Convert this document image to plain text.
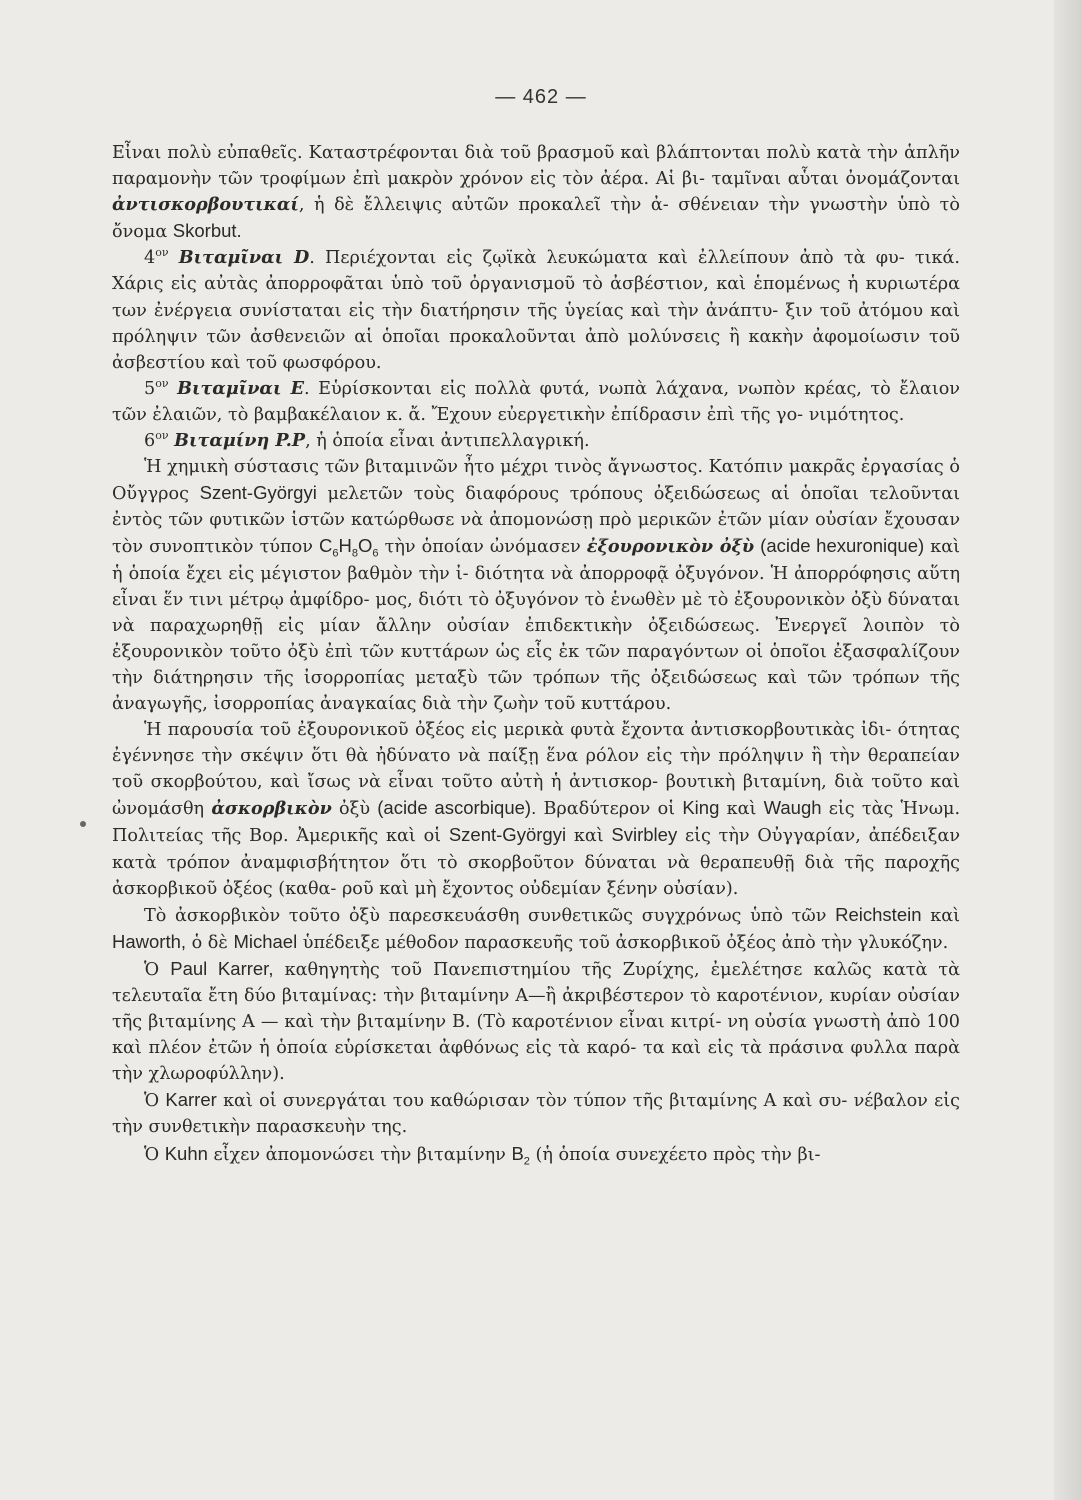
— 462 —

Εἶναι πολὺ εὐπαθεῖς. Καταστρέφονται διὰ τοῦ βρασμοῦ καὶ βλάπτονται πολὺ κατὰ τὴν ἁπλῆν παραμονὴν τῶν τροφίμων ἐπὶ μακρὸν χρόνον εἰς τὸν ἀέρα. Αἱ βι- ταμῖναι αὗται ὀνομάζονται ἀντισκορβουτικαί, ἡ δὲ ἔλλειψις αὐτῶν προκαλεῖ τὴν ἀ- σθένειαν τὴν γνωστὴν ὑπὸ τὸ ὄνομα Skorbut.

$4^{o\nu}$ Βιταμῖναι D. Περιέχονται εἰς ζῳϊκὰ λευκώματα καὶ ἐλλείπουν ἀπὸ τὰ φυ- τικά. Χάρις εἰς αὐτὰς ἀπορροφᾶται ὑπὸ τοῦ ὀργανισμοῦ τὸ ἀσβέστιον, καὶ ἑπομένως ἡ κυριωτέρα των ἐνέργεια συνίσταται εἰς τὴν διατήρησιν τῆς ὑγείας καὶ τὴν ἀνάπτυ- ξιν τοῦ ἀτόμου καὶ πρόληψιν τῶν ἀσθενειῶν αἱ ὁποῖαι προκαλοῦνται ἀπὸ μολύνσεις ἢ κακὴν ἀφομοίωσιν τοῦ ἀσβεστίου καὶ τοῦ φωσφόρου.

$5^{o\nu}$ Βιταμῖναι Ε. Εὑρίσκονται εἰς πολλὰ φυτά, νωπὰ λάχανα, νωπὸν κρέας, τὸ ἔλαιον τῶν ἐλαιῶν, τὸ βαμβακέλαιον κ. ἄ. Ἔχουν εὐεργετικὴν ἐπίδρασιν ἐπὶ τῆς γο- νιμότητος.

$6^{o\nu}$ Βιταμίνη P.P, ἡ ὁποία εἶναι ἀντιπελλαγρική.

Ἡ χημικὴ σύστασις τῶν βιταμινῶν ἦτο μέχρι τινὸς ἄγνωστος. Κατόπιν μακρᾶς ἐργασίας ὁ Οὔγγρος Szent-Györgyi μελετῶν τοὺς διαφόρους τρόπους ὀξειδώσεως αἱ ὁποῖαι τελοῦνται ἐντὸς τῶν φυτικῶν ἱστῶν κατώρθωσε νὰ ἀπομονώσῃ πρὸ μερικῶν ἐτῶν μίαν οὐσίαν ἔχουσαν τὸν συνοπτικὸν τύπον $C_6H_8O_6$ τὴν ὁποίαν ὠνόμασεν ἐξουρονικὸν ὀξὺ (acide hexuronique) καὶ ἡ ὁποία ἔχει εἰς μέγιστον βαθμὸν τὴν ἰ- διότητα νὰ ἀπορροφᾷ ὀξυγόνον. Ἡ ἀπορρόφησις αὕτη εἶναι ἕν τινι μέτρῳ ἀμφίδρο- μος, διότι τὸ ὀξυγόνον τὸ ἑνωθὲν μὲ τὸ ἐξουρονικὸν ὀξὺ δύναται νὰ παραχωρηθῇ εἰς μίαν ἄλλην οὐσίαν ἐπιδεκτικὴν ὀξειδώσεως. Ἐνεργεῖ λοιπὸν τὸ ἐξουρονικὸν τοῦτο ὀξὺ ἐπὶ τῶν κυττάρων ὡς εἷς ἐκ τῶν παραγόντων οἱ ὁποῖοι ἐξασφαλίζουν τὴν διάτηρησιν τῆς ἰσορροπίας μεταξὺ τῶν τρόπων τῆς ὀξειδώσεως καὶ τῶν τρόπων τῆς ἀναγωγῆς, ἰσορροπίας ἀναγκαίας διὰ τὴν ζωὴν τοῦ κυττάρου.

Ἡ παρουσία τοῦ ἐξουρονικοῦ ὀξέος εἰς μερικὰ φυτὰ ἔχοντα ἀντισκορβουτικὰς ἰδι- ότητας ἐγέννησε τὴν σκέψιν ὅτι θὰ ἠδύνατο νὰ παίξῃ ἕνα ρόλον εἰς τὴν πρόληψιν ἢ τὴν θεραπείαν τοῦ σκορβούτου, καὶ ἴσως νὰ εἶναι τοῦτο αὐτὴ ἡ ἀντισκορ- βουτικὴ βιταμίνη, διὰ τοῦτο καὶ ὠνομάσθη ἀσκορβικὸν ὀξὺ (acide ascorbique). Βραδύτερον οἱ King καὶ Waugh εἰς τὰς Ἡνωμ. Πολιτείας τῆς Βορ. Ἀμερικῆς καὶ οἱ Szent-Györgyi καὶ Svirbley εἰς τὴν Οὐγγαρίαν, ἀπέδειξαν κατὰ τρόπον ἀναμφισβήτητον ὅτι τὸ σκορβοῦτον δύναται νὰ θεραπευθῇ διὰ τῆς παροχῆς ἀσκορβικοῦ ὀξέος (καθα- ροῦ καὶ μὴ ἔχοντος οὐδεμίαν ξένην οὐσίαν).

Τὸ ἀσκορβικὸν τοῦτο ὀξὺ παρεσκευάσθη συνθετικῶς συγχρόνως ὑπὸ τῶν Reichstein καὶ Haworth, ὁ δὲ Michael ὑπέδειξε μέθοδον παρασκευῆς τοῦ ἀσκορβικοῦ ὀξέος ἀπὸ τὴν γλυκόζην.

Ὁ Paul Karrer, καθηγητὴς τοῦ Πανεπιστημίου τῆς Ζυρίχης, ἐμελέτησε καλῶς κατὰ τὰ τελευταῖα ἔτη δύο βιταμίνας: τὴν βιταμίνην Α—ἢ ἀκριβέστερον τὸ καροτένιον, κυρίαν οὐσίαν τῆς βιταμίνης Α — καὶ τὴν βιταμίνην Β. (Τὸ καροτένιον εἶναι κιτρί- νη οὐσία γνωστὴ ἀπὸ 100 καὶ πλέον ἐτῶν ἡ ὁποία εὑρίσκεται ἀφθόνως εἰς τὰ καρό- τα καὶ εἰς τὰ πράσινα φυλλα παρὰ τὴν χλωροφύλλην).

Ὁ Karrer καὶ οἱ συνεργάται του καθώρισαν τὸν τύπον τῆς βιταμίνης Α καὶ συ- νέβαλον εἰς τὴν συνθετικὴν παρασκευὴν της.

Ὁ Kuhn εἶχεν ἀπομονώσει τὴν βιταμίνην $B_2$ (ἡ ὁποία συνεχέετο πρὸς τὴν βι-
